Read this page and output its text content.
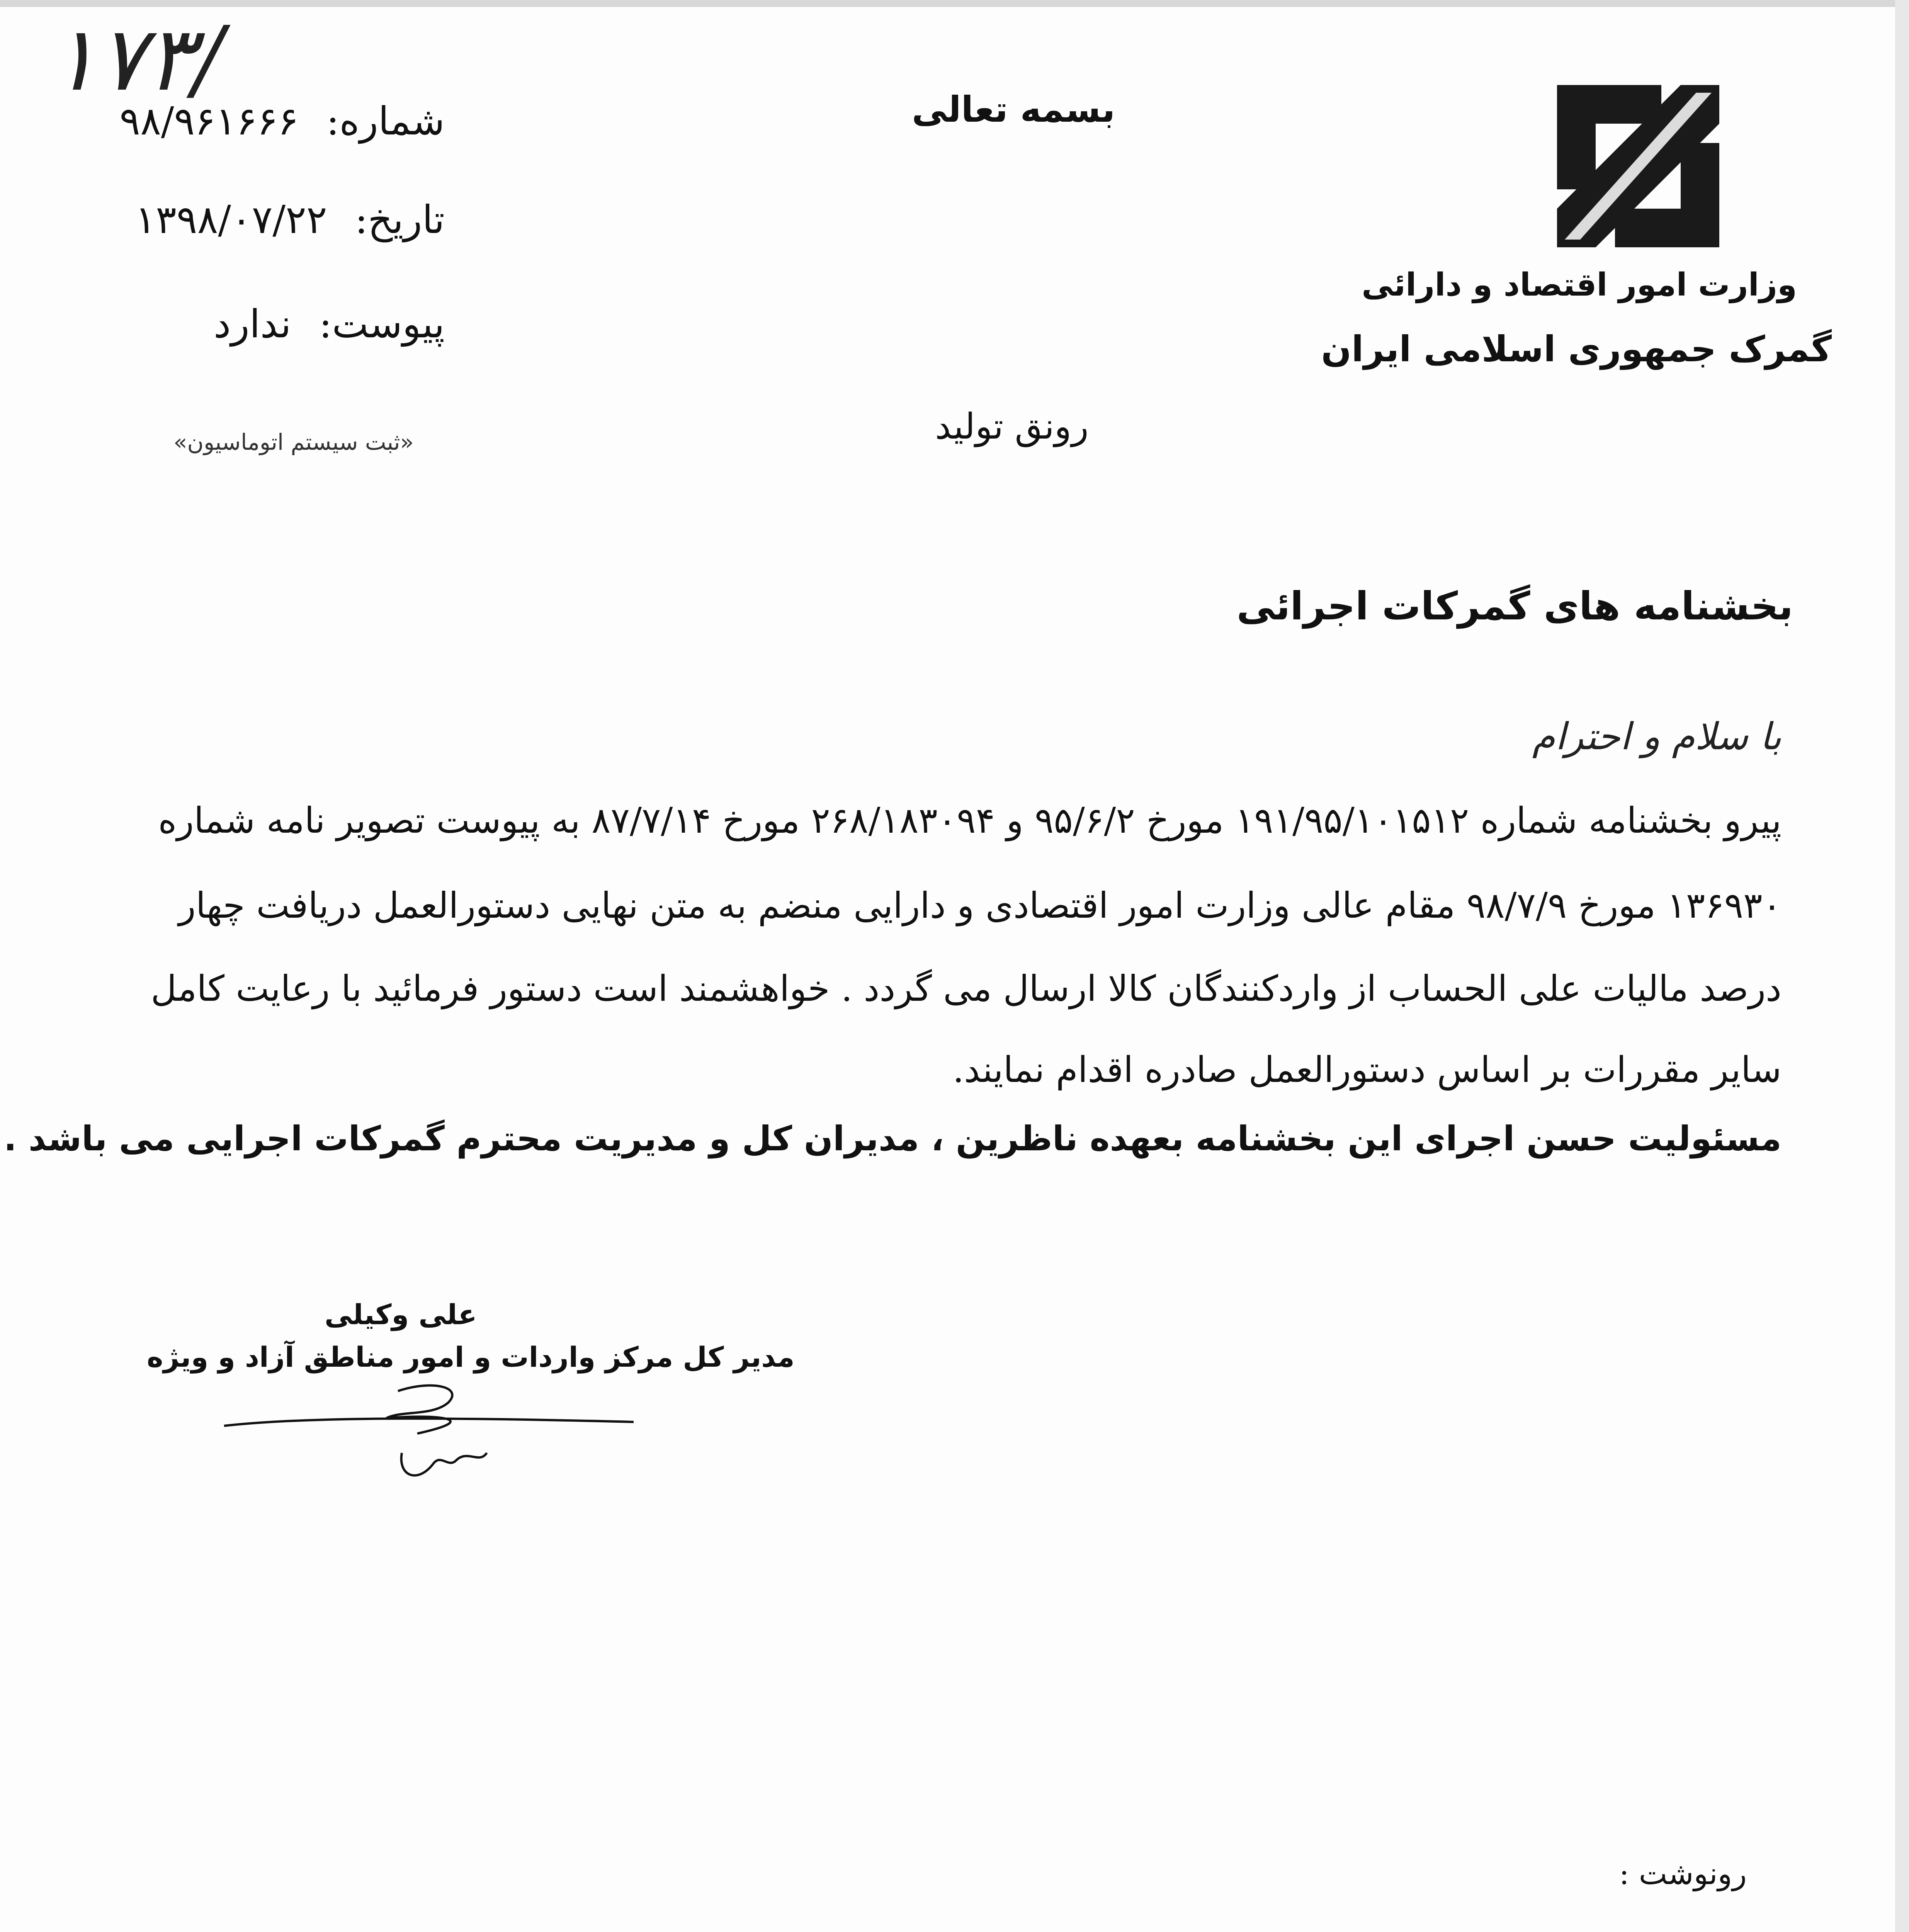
۱۷۳/
شماره: ۹۸/۹۶۱۶۶۶
تاریخ: ۱۳۹۸/۰۷/۲۲
پیوست: ندارد
«ثبت سیستم اتوماسیون»
بسمه تعالی
رونق تولید
وزارت امور اقتصاد و دارائی
گمرک جمهوری اسلامی ایران
بخشنامه های گمرکات اجرائی
با سلام و احترام
پیرو بخشنامه شماره ۱۹۱/۹۵/۱۰۱۵۱۲ مورخ ۹۵/۶/۲ و ۲۶۸/۱۸۳۰۹۴ مورخ ۸۷/۷/۱۴ به پیوست تصویر نامه شماره
۱۳۶۹۳۰ مورخ ۹۸/۷/۹ مقام عالی وزارت امور اقتصادی و دارایی منضم به متن نهایی دستورالعمل دریافت چهار
درصد مالیات علی الحساب از واردکنندگان کالا ارسال می گردد . خواهشمند است دستور فرمائید با رعایت کامل
سایر مقررات بر اساس دستورالعمل صادره اقدام نمایند.
مسئولیت حسن اجرای این بخشنامه بعهده ناظرین ، مدیران کل و مدیریت محترم گمرکات اجرایی می باشد .
علی وکیلی
مدیر کل مرکز واردات و امور مناطق آزاد و ویژه
رونوشت :
